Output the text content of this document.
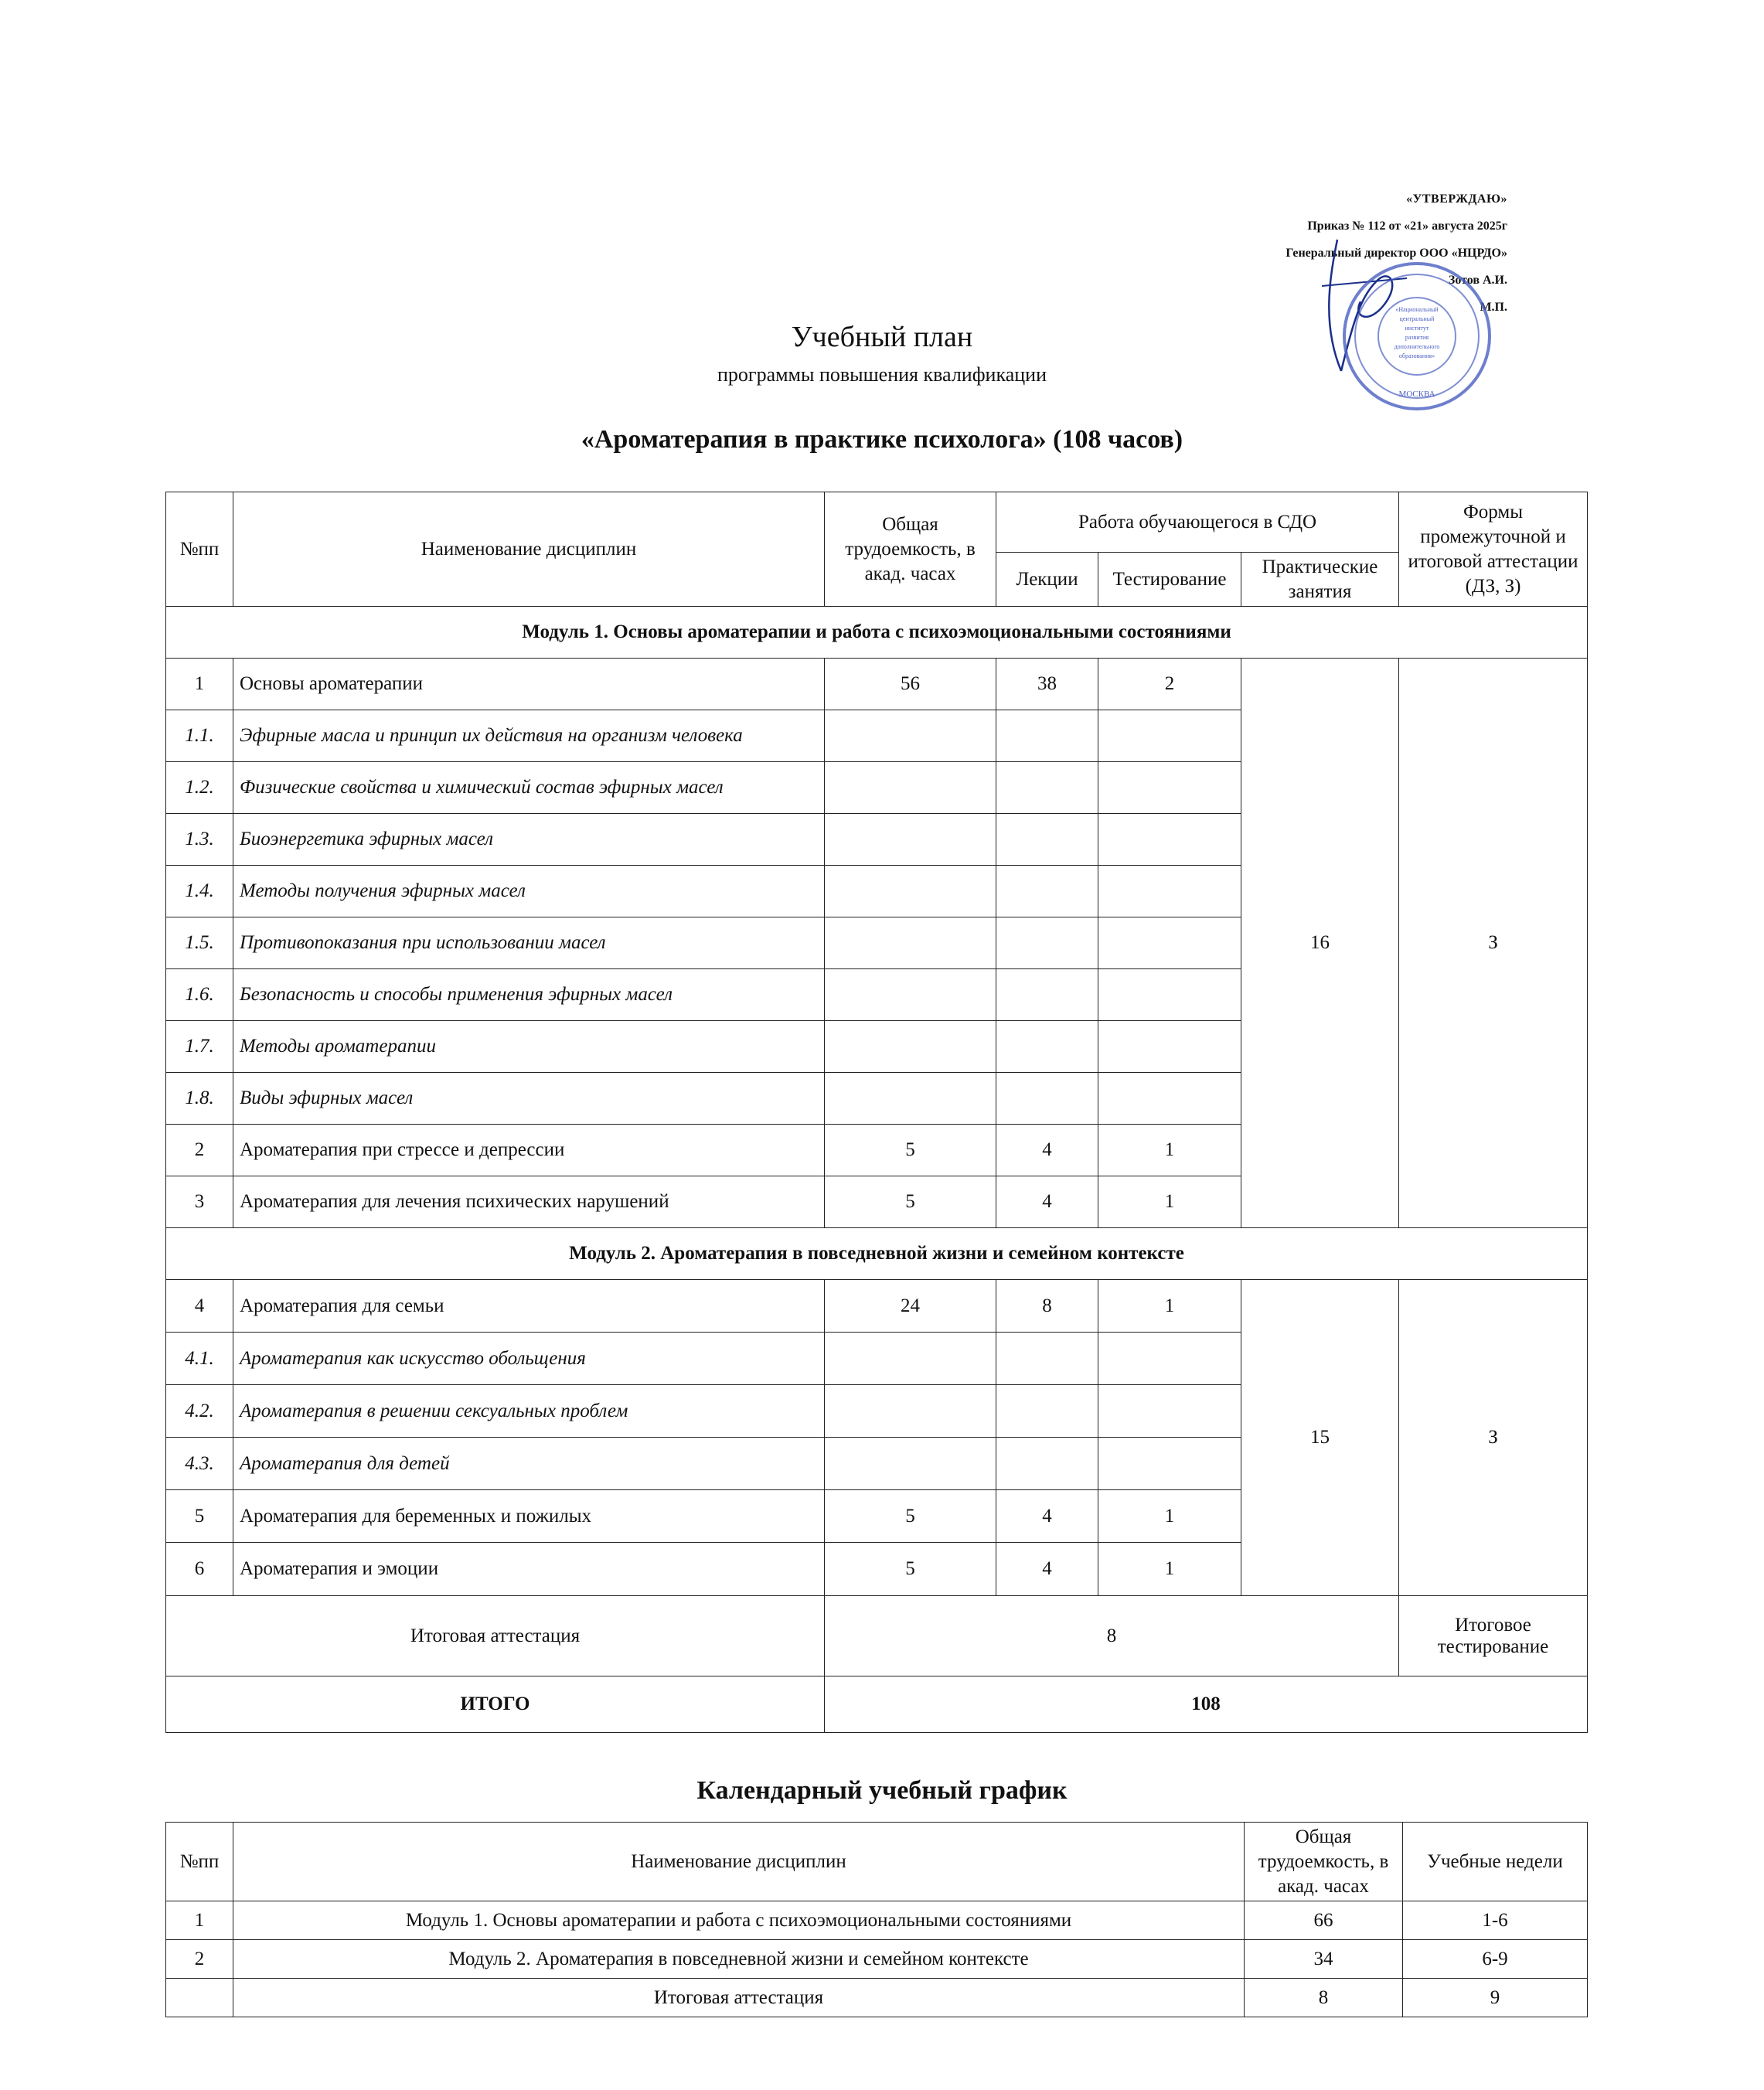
«УТВЕРЖДАЮ»
Приказ № 112 от «21» августа 2025г
Генеральный директор ООО «НЦРДО»
Зотов А.И.
М.П.
«Национальный
центральный
институт
развития
дополнительного
образования»
МОСКВА
Учебный план
программы повышения квалификации
«Ароматерапия в практике психолога» (108 часов)
№пп	Наименование дисциплин	Общая трудоемкость, в акад. часах	Работа обучающегося в СДО			Формы промежуточной и итоговой аттестации (ДЗ, З)
			Лекции	Тестирование	Практические занятия	
Модуль 1. Основы ароматерапии и работа с психоэмоциональными состояниями						
1	Основы ароматерапии	56	38	2	16	З
1.1.	Эфирные масла и принцип их действия на организм человека					
1.2.	Физические свойства и химический состав эфирных масел					
1.3.	Биоэнергетика эфирных масел					
1.4.	Методы получения эфирных масел					
1.5.	Противопоказания при использовании масел					
1.6.	Безопасность и способы применения эфирных масел					
1.7.	Методы ароматерапии					
1.8.	Виды эфирных масел					
2	Ароматерапия при стрессе и депрессии	5	4	1		
3	Ароматерапия для лечения психических нарушений	5	4	1		
Модуль 2. Ароматерапия в повседневной жизни и семейном контексте						
4	Ароматерапия для семьи	24	8	1	15	З
4.1.	Ароматерапия как искусство обольщения					
4.2.	Ароматерапия в решении сексуальных проблем					
4.3.	Ароматерапия для детей					
5	Ароматерапия для беременных и пожилых	5	4	1		
6	Ароматерапия и эмоции	5	4	1		
Итоговая аттестация		8				Итоговое тестирование
ИТОГО		108				
Календарный учебный график
№пп	Наименование дисциплин	Общая трудоемкость, в акад. часах	Учебные недели
1	Модуль 1. Основы ароматерапии и работа с психоэмоциональными состояниями	66	1-6
2	Модуль 2. Ароматерапия в повседневной жизни и семейном контексте	34	6-9
	Итоговая аттестация	8	9
